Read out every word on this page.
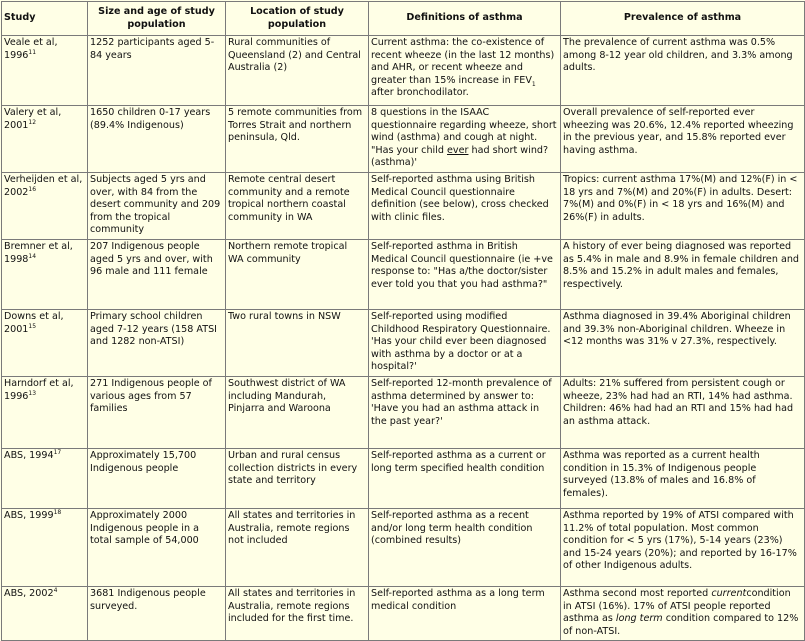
Study	Size and age of study population	Location of study population	Definitions of asthma	Prevalence of asthma
Veale et al, 1996$^{11}$	1252 participants aged 5-84 years	Rural communities of Queensland (2) and Central Australia (2)	Current asthma: the co-existence of recent wheeze (in the last 12 months) and AHR, or recent wheeze and greater than 15% increase in $FEV_1$ after bronchodilator.	The prevalence of current asthma was 0.5% among 8-12 year old children, and 3.3% among adults.
Valery et al, 2001$^{12}$	1650 children 0-17 years (89.4% Indigenous)	5 remote communities from Torres Strait and northern peninsula, Qld.	8 questions in the ISAAC questionnaire regarding wheeze, short wind (asthma) and cough at night. "Has your child ever had short wind? (asthma)'	Overall prevalence of self-reported ever wheezing was 20.6%, 12.4% reported wheezing in the previous year, and 15.8% reported ever having asthma.
Verheijden et al, 2002$^{16}$	Subjects aged 5 yrs and over, with 84 from the desert community and 209 from the tropical community	Remote central desert community and a remote tropical northern coastal community in WA	Self-reported asthma using British Medical Council questionnaire definition (see below), cross checked with clinic files.	Tropics: current asthma 17%(M) and 12%(F) in < 18 yrs and 7%(M) and 20%(F) in adults. Desert: 7%(M) and 0%(F) in < 18 yrs and 16%(M) and 26%(F) in adults.
Bremner et al, 1998$^{14}$	207 Indigenous people aged 5 yrs and over, with 96 male and 111 female	Northern remote tropical WA community	Self-reported asthma in British Medical Council questionnaire (ie +ve response to: "Has a/the doctor/sister ever told you that you had asthma?"	A history of ever being diagnosed was reported as 5.4% in male and 8.9% in female children and 8.5% and 15.2% in adult males and females, respectively.
Downs et al, 2001$^{15}$	Primary school children aged 7-12 years (158 ATSI and 1282 non-ATSI)	Two rural towns in NSW	Self-reported using modified Childhood Respiratory Questionnaire. 'Has your child ever been diagnosed with asthma by a doctor or at a hospital?'	Asthma diagnosed in 39.4% Aboriginal children and 39.3% non-Aboriginal children. Wheeze in <12 months was 31% v 27.3%, respectively.
Harndorf et al, 1996$^{13}$	271 Indigenous people of various ages from 57 families	Southwest district of WA including Mandurah, Pinjarra and Waroona	Self-reported 12-month prevalence of asthma determined by answer to: 'Have you had an asthma attack in the past year?'	Adults: 21% suffered from persistent cough or wheeze, 23% had had an RTI, 14% had asthma. Children: 46% had had an RTI and 15% had had an asthma attack.
ABS, 1994$^{17}$	Approximately 15,700 Indigenous people	Urban and rural census collection districts in every state and territory	Self-reported asthma as a current or long term specified health condition	Asthma was reported as a current health condition in 15.3% of Indigenous people surveyed (13.8% of males and 16.8% of females).
ABS, 1999$^{18}$	Approximately 2000 Indigenous people in a total sample of 54,000	All states and territories in Australia, remote regions not included	Self-reported asthma as a recent and/or long term health condition (combined results)	Asthma reported by 19% of ATSI compared with 11.2% of total population. Most common condition for < 5 yrs (17%), 5-14 years (23%) and 15-24 years (20%); and reported by 16-17% of other Indigenous adults.
ABS, 2002$^4$	3681 Indigenous people surveyed.	All states and territories in Australia, remote regions included for the first time.	Self-reported asthma as a long term medical condition	Asthma second most reported currentcondition in ATSI (16%). 17% of ATSI people reported asthma as long term condition compared to 12% of non-ATSI.
